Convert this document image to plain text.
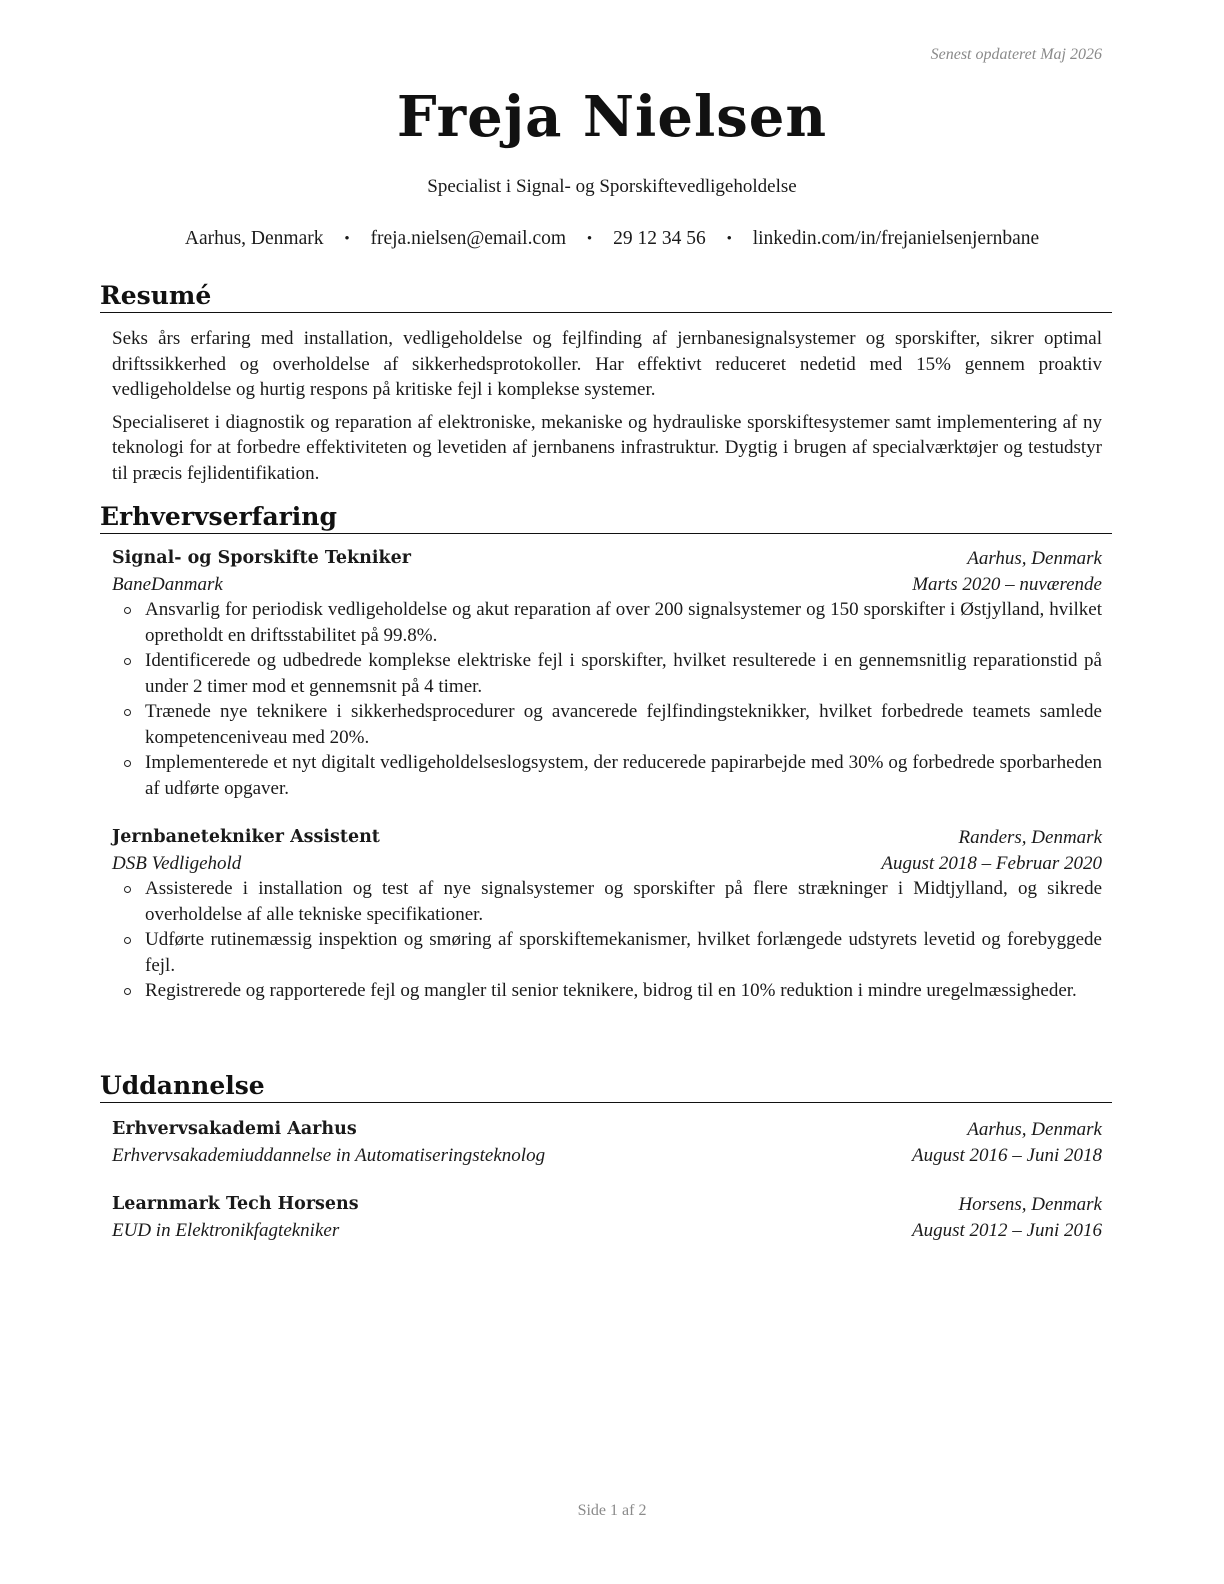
Senest opdateret Maj 2026
Freja Nielsen
Specialist i Signal- og Sporskiftevedligeholdelse
Aarhus, Denmark • freja.nielsen@email.com • 29 12 34 56 • linkedin.com/in/frejanielsenjernbane
Resumé

Seks års erfaring med installation, vedligeholdelse og fejlfinding af jernbanesignalsystemer og sporskifter, sikrer optimal driftssikkerhed og overholdelse af sikkerhedsprotokoller. Har effektivt reduceret nedetid med 15% gennem proaktiv vedligeholdelse og hurtig respons på kritiske fejl i komplekse systemer.

Specialiseret i diagnostik og reparation af elektroniske, mekaniske og hydrauliske sporskiftesystemer samt implementering af ny teknologi for at forbedre effektiviteten og levetiden af jernbanens infrastruktur. Dygtig i brugen af specialværktøjer og testudstyr til præcis fejlidentifikation.

Erhvervserfaring
Signal- og Sporskifte Tekniker	Aarhus, Denmark
BaneDanmark	Marts 2020 – nuværende
Ansvarlig for periodisk vedligeholdelse og akut reparation af over 200 signalsystemer og 150 sporskifter i Østjylland, hvilket opretholdt en driftsstabilitet på 99.8%.
Identificerede og udbedrede komplekse elektriske fejl i sporskifter, hvilket resulterede i en gennemsnitlig reparationstid på under 2 timer mod et gennemsnit på 4 timer.
Trænede nye teknikere i sikkerhedsprocedurer og avancerede fejlfindingsteknikker, hvilket forbedrede teamets samlede kompetenceniveau med 20%.
Implementerede et nyt digitalt vedligeholdelseslogsystem, der reducerede papirarbejde med 30% og forbedrede sporbarheden af udførte opgaver.
Jernbanetekniker Assistent	Randers, Denmark
DSB Vedligehold	August 2018 – Februar 2020
Assisterede i installation og test af nye signalsystemer og sporskifter på flere strækninger i Midtjylland, og sikrede overholdelse af alle tekniske specifikationer.
Udførte rutinemæssig inspektion og smøring af sporskiftemekanismer, hvilket forlængede udstyrets levetid og forebyggede fejl.
Registrerede og rapporterede fejl og mangler til senior teknikere, bidrog til en 10% reduktion i mindre uregelmæssigheder.
Uddannelse
Erhvervsakademi Aarhus	Aarhus, Denmark
Erhvervsakademiuddannelse in Automatiseringsteknolog	August 2016 – Juni 2018
Learnmark Tech Horsens	Horsens, Denmark
EUD in Elektronikfagtekniker	August 2012 – Juni 2016
Side 1 af 2
